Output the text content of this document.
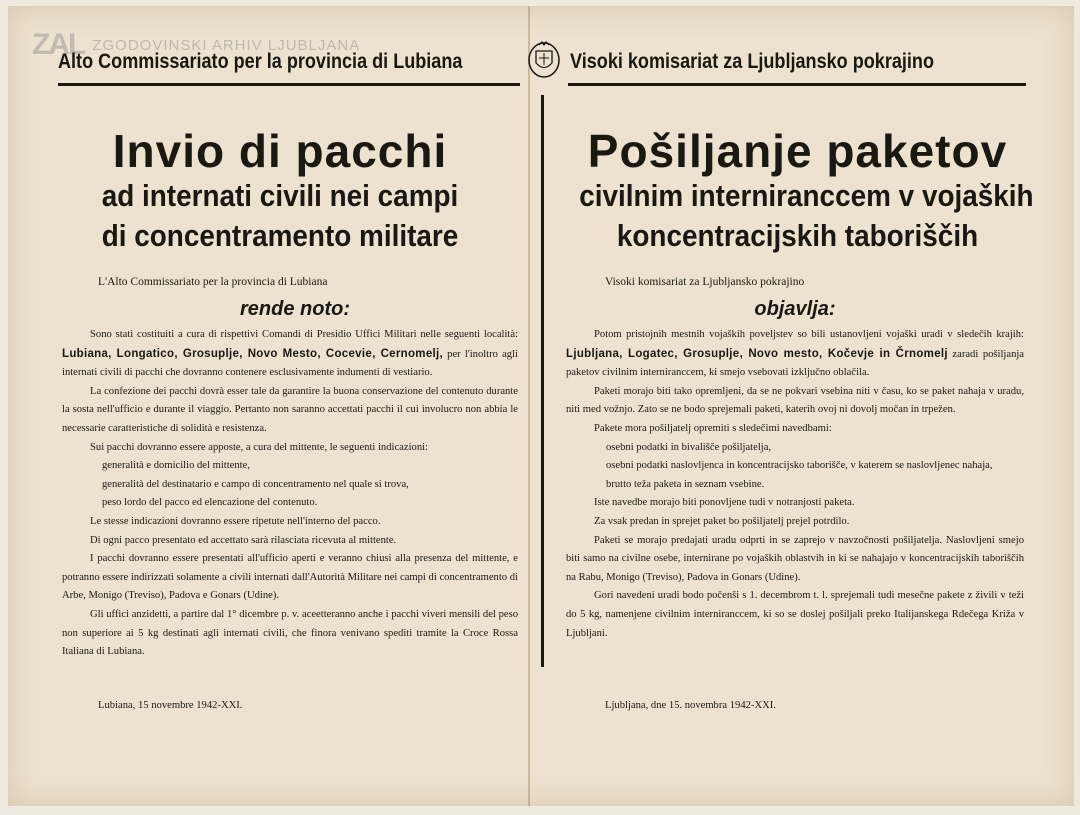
ZAL ZGODOVINSKI ARHIV LJUBLJANA
Alto Commissariato per la provincia di Lubiana	Visoki komisariat za Ljubljansko pokrajino
Invio di pacchi
ad internati civili nei campi
di concentramento militare
L'Alto Commissariato per la provincia di Lubiana
rende noto:

Sono stati costituiti a cura di rispettivi Comandi di Presidio Uffici Militari nelle seguenti località: Lubiana, Longatico, Grosuplje, Novo Mesto, Cocevie, Cernomelj, per l'inoltro agli internati civili di pacchi che dovranno contenere esclusivamente indumenti di vestiario.

La confezione dei pacchi dovrà esser tale da garantire la buona conservazione del contenuto durante la sosta nell'ufficio e durante il viaggio. Pertanto non saranno accettati pacchi il cui involucro non abbia le necessarie caratteristiche di solidità e resistenza.

Sui pacchi dovranno essere apposte, a cura del mittente, le seguenti indicazioni:

generalità e domicilio del mittente,

generalità del destinatario e campo di concentramento nel quale si trova,

peso lordo del pacco ed elencazione del contenuto.

Le stesse indicazioni dovranno essere ripetute nell'interno del pacco.

Di ogni pacco presentato ed accettato sarà rilasciata ricevuta al mittente.

I pacchi dovranno essere presentati all'ufficio aperti e veranno chiusi alla presenza del mittente, e potranno essere indirizzati solamente a civili internati dall'Autorità Militare nei campi di concentramento di Arbe, Monigo (Treviso), Padova e Gonars (Udine).

Gli uffici anzidetti, a partire dal 1° dicembre p. v. aceetteranno anche i pacchi viveri mensili del peso non superiore ai 5 kg destinati agli internati civili, che finora venivano spediti tramite la Croce Rossa Italiana di Lubiana.

Lubiana, 15 novembre 1942-XXI.
Pošiljanje paketov
civilnim interniranccem v vojaških
koncentracijskih taboriščih
Visoki komisariat za Ljubljansko pokrajino
objavlja:

Potom pristojnih mestnih vojaških poveljstev so bili ustanovljeni vojaški uradi v sledečih krajih: Ljubljana, Logatec, Grosuplje, Novo mesto, Kočevje in Črnomelj zaradi pošiljanja paketov civilnim interniranccem, ki smejo vsebovati izključno oblačila.

Paketi morajo biti tako opremljeni, da se ne pokvari vsebina niti v času, ko se paket nahaja v uradu, niti med vožnjo. Zato se ne bodo sprejemali paketi, katerih ovoj ni dovolj močan in trpežen.

Pakete mora pošiljatelj opremiti s sledečimi navedbami:

osebni podatki in bivališče pošiljatelja,

osebni podatki naslovljenca in koncentracijsko taborišče, v katerem se naslovljenec nahaja,

brutto teža paketa in seznam vsebine.

Iste navedbe morajo biti ponovljene tudi v notranjosti paketa.

Za vsak predan in sprejet paket bo pošiljatelj prejel potrdilo.

Paketi se morajo predajati uradu odprti in se zaprejo v navzočnosti pošiljatelja. Naslovljeni smejo biti samo na civilne osebe, internirane po vojaških oblastvih in ki se nahajajo v koncentracijskih taboriščih na Rabu, Monigo (Treviso), Padova in Gonars (Udine).

Gori navedeni uradi bodo počenši s 1. decembrom t. l. sprejemali tudi mesečne pakete z živili v teži do 5 kg, namenjene civilnim interniranccem, ki so se doslej pošiljali preko Italijanskega Rdečega Križa v Ljubljani.

Ljubljana, dne 15. novembra 1942-XXI.
